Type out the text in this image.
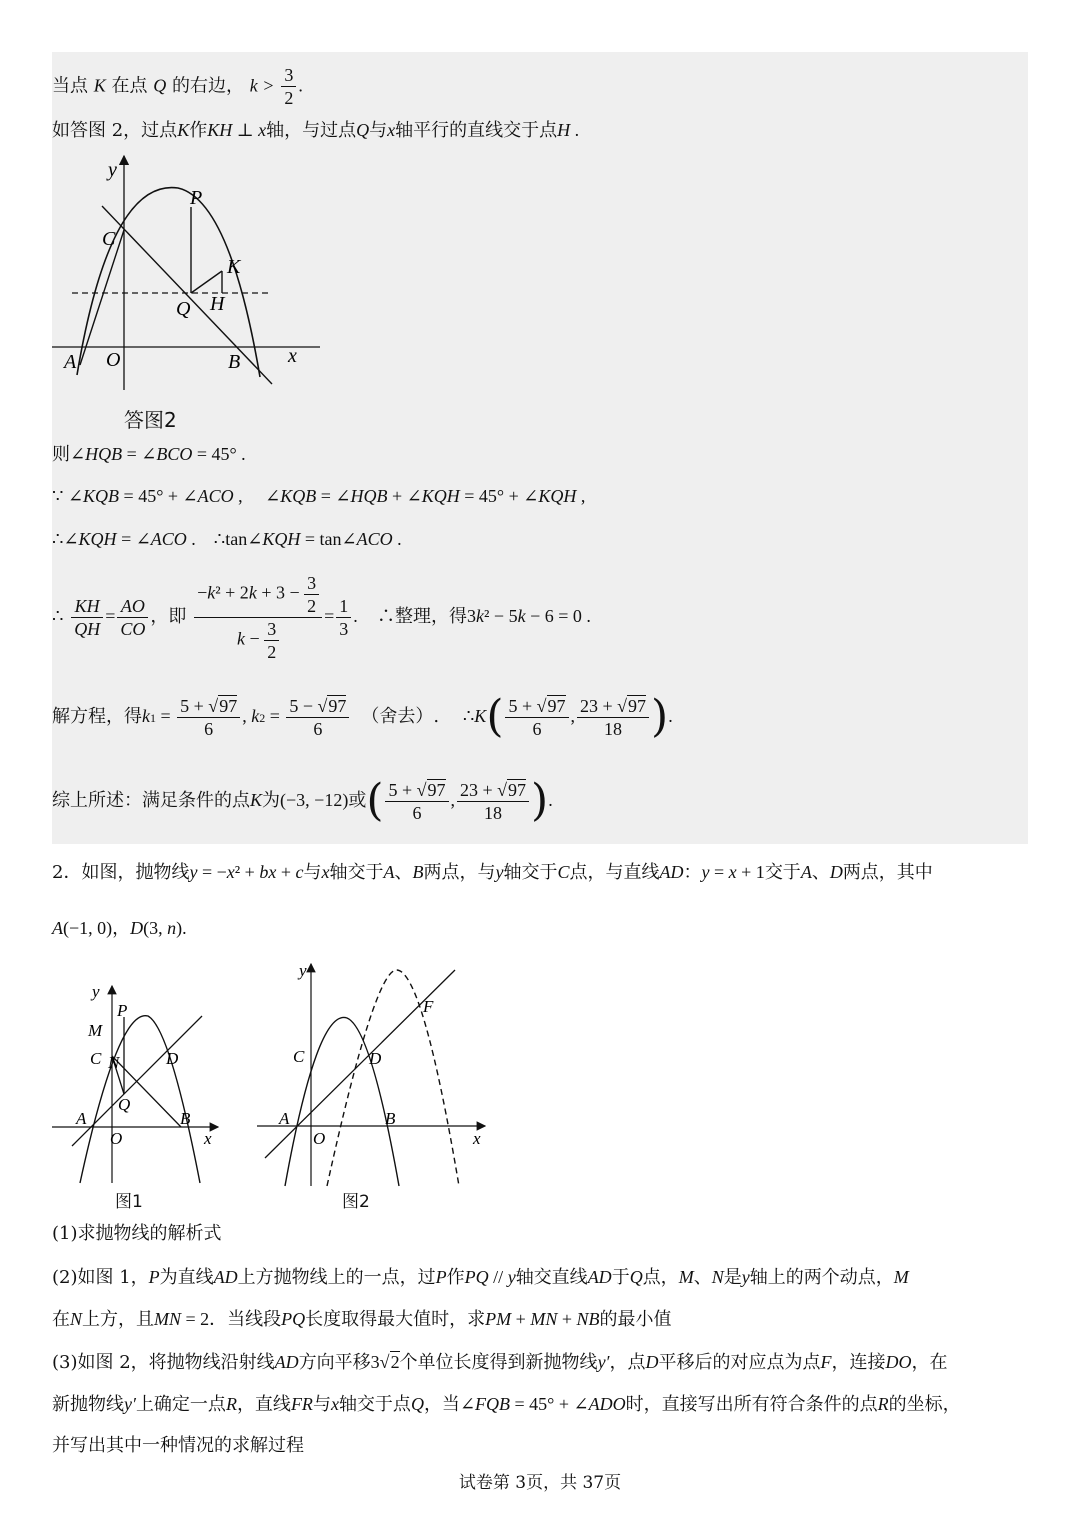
当点 K 在点 Q 的右边， $k > \frac{3}{2}$ .
如答图 2，过点K作KH ⊥ x轴，与过点Q与x轴平行的直线交于点H .
y
P
C
K
H
Q
A O	B x
答图2
则∠HQB = ∠BCO = 45° .
∵ ∠KQB = 45° + ∠ACO ,     ∠KQB = ∠HQB + ∠KQH = 45° + ∠KQH ,
∴∠KQH = ∠ACO .    ∴tan∠KQH = tan∠ACO .
∴ $\frac{KH}{QH} = \frac{AO}{CO}$ ，即 $\frac{-k^2 + 2k + 3 - \frac{3}{2}}{k - \frac{3}{2}} = \frac{1}{3}$ .    ∴整理，得3k² − 5k − 6 = 0 .
解方程，得$k1 = \frac{5 + √97}{6}$ , $k2 = \frac{5 - √97}{6}$ （舍去）. ∴K( $\frac{5 + √97}{6}$ , $\frac{23 + √97}{18}$ ).
综上所述：满足条件的点K为(−3, −12)或( $\frac{5 + √97}{6}$ , $\frac{23 + √97}{18}$ ).
2．如图，抛物线y = −x² + bx + c与x轴交于A、B两点，与y轴交于C点，与直线AD：y = x + 1交于A、D两点，其中
A(−1, 0)，D(3, n).
y
P
M
C N	D
Q
A
O
B
x
图1
y
F
C	D
A
O
B
x
图2
(1)求抛物线的解析式
(2)如图 1，P为直线AD上方抛物线上的一点，过P作PQ // y轴交直线AD于Q点，M、N是y轴上的两个动点，M
在N上方，且MN = 2．当线段PQ长度取得最大值时，求PM + MN + NB的最小值
(3)如图 2，将抛物线沿射线AD方向平移3√2个单位长度得到新抛物线y′，点D平移后的对应点为点F，连接DO，在
新抛物线y′上确定一点R，直线FR与x轴交于点Q，当∠FQB = 45° + ∠ADO时，直接写出所有符合条件的点R的坐标，
并写出其中一种情况的求解过程
试卷第 3页，共 37页
